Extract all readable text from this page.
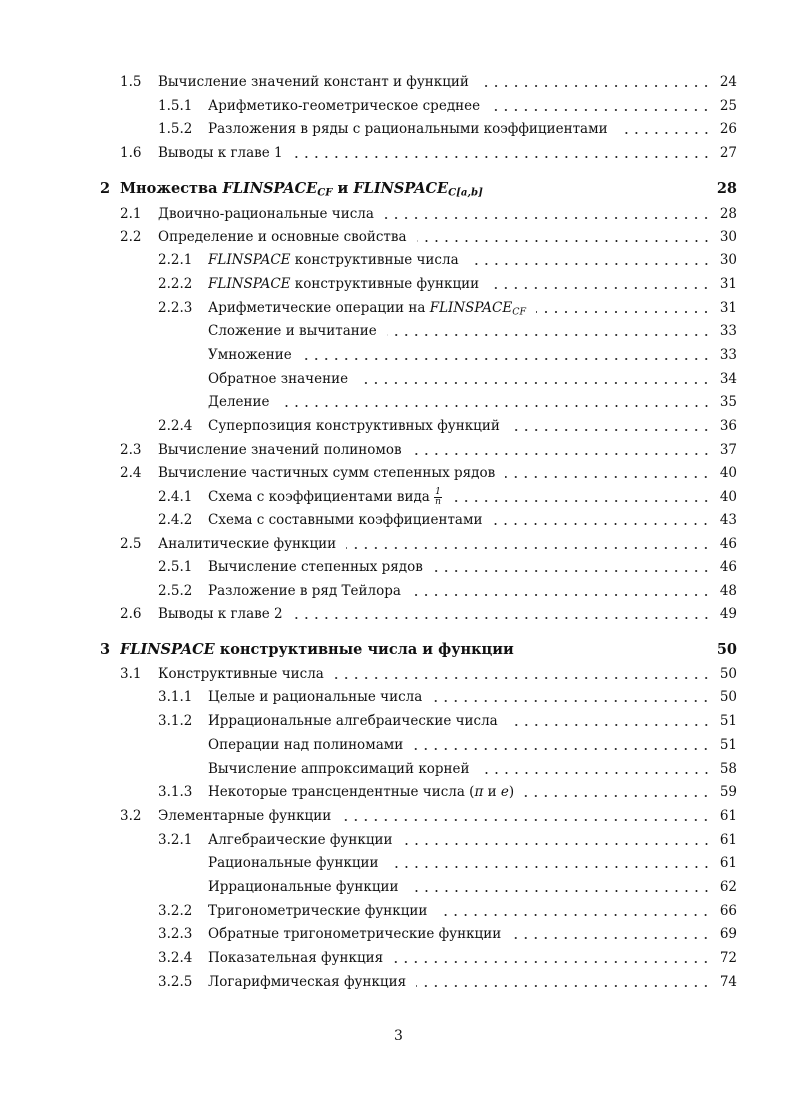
1.5 Вычисление значений констант и функций	24
1.5.1 Арифметико-геометрическое среднее	25
1.5.2 Разложения в ряды с рациональными коэффициентами	26
1.6 Выводы к главе 1	27
2 Множества $FLINSPACE_{CF}$ и $FLINSPACE_{C[a,b]}$	28
2.1 Двоично-рациональные числа	28
2.2 Определение и основные свойства	30
2.2.1 FLINSPACE конструктивные числа	30
2.2.2 FLINSPACE конструктивные функции	31
2.2.3 Арифметические операции на $FLINSPACE_{CF}$	31
Сложение и вычитание	33
Умножение	33
Обратное значение	34
Деление	35
2.2.4 Суперпозиция конструктивных функций	36
2.3 Вычисление значений полиномов	37
2.4 Вычисление частичных сумм степенных рядов	40
2.4.1 Схема с коэффициентами вида $\frac{1}{n}$	40
2.4.2 Схема с составными коэффициентами	43
2.5 Аналитические функции	46
2.5.1 Вычисление степенных рядов	46
2.5.2 Разложение в ряд Тейлора	48
2.6 Выводы к главе 2	49
3 FLINSPACE конструктивные числа и функции	50
3.1 Конструктивные числа	50
3.1.1 Целые и рациональные числа	50
3.1.2 Иррациональные алгебраические числа	51
Операции над полиномами	51
Вычисление аппроксимаций корней	58
3.1.3 Некоторые трансцендентные числа (π и e)	59
3.2 Элементарные функции	61
3.2.1 Алгебраические функции	61
Рациональные функции	61
Иррациональные функции	62
3.2.2 Тригонометрические функции	66
3.2.3 Обратные тригонометрические функции	69
3.2.4 Показательная функция	72
3.2.5 Логарифмическая функция	74
3
